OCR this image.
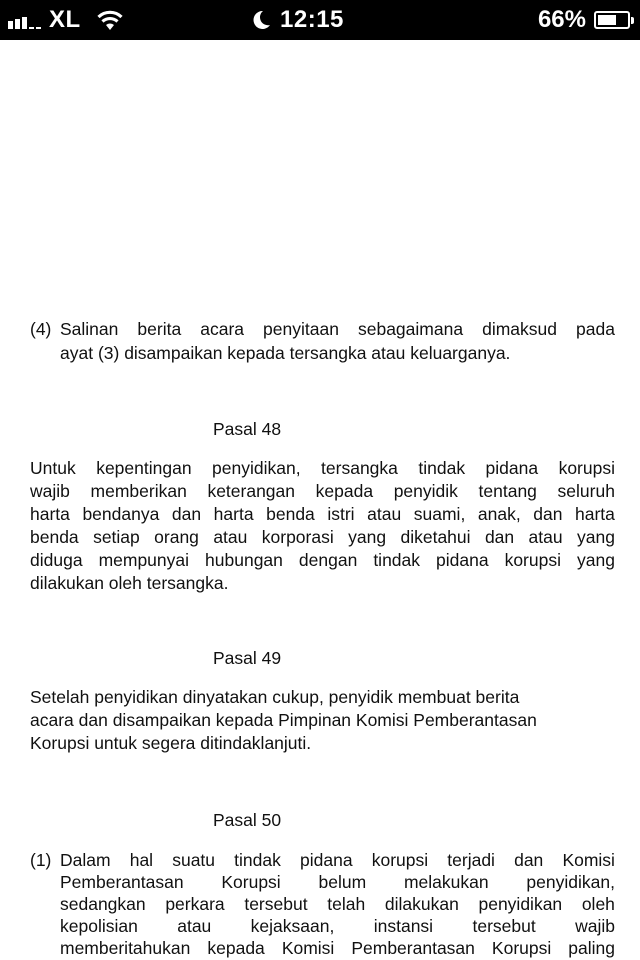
XL	12:15	66%
(4) Salinan berita acara penyitaan sebagaimana dimaksud pada
ayat (3) disampaikan kepada tersangka atau keluarganya.
Pasal 48
Untuk kepentingan penyidikan, tersangka tindak pidana korupsi
wajib memberikan keterangan kepada penyidik tentang seluruh
harta bendanya dan harta benda istri atau suami, anak, dan harta
benda setiap orang atau korporasi yang diketahui dan atau yang
diduga mempunyai hubungan dengan tindak pidana korupsi yang
dilakukan oleh tersangka.
Pasal 49
Setelah penyidikan dinyatakan cukup, penyidik membuat berita
acara dan disampaikan kepada Pimpinan Komisi Pemberantasan
Korupsi untuk segera ditindaklanjuti.
Pasal 50
(1) Dalam hal suatu tindak pidana korupsi terjadi dan Komisi
Pemberantasan Korupsi belum melakukan penyidikan,
sedangkan perkara tersebut telah dilakukan penyidikan oleh
kepolisian atau kejaksaan, instansi tersebut wajib
memberitahukan kepada Komisi Pemberantasan Korupsi paling
